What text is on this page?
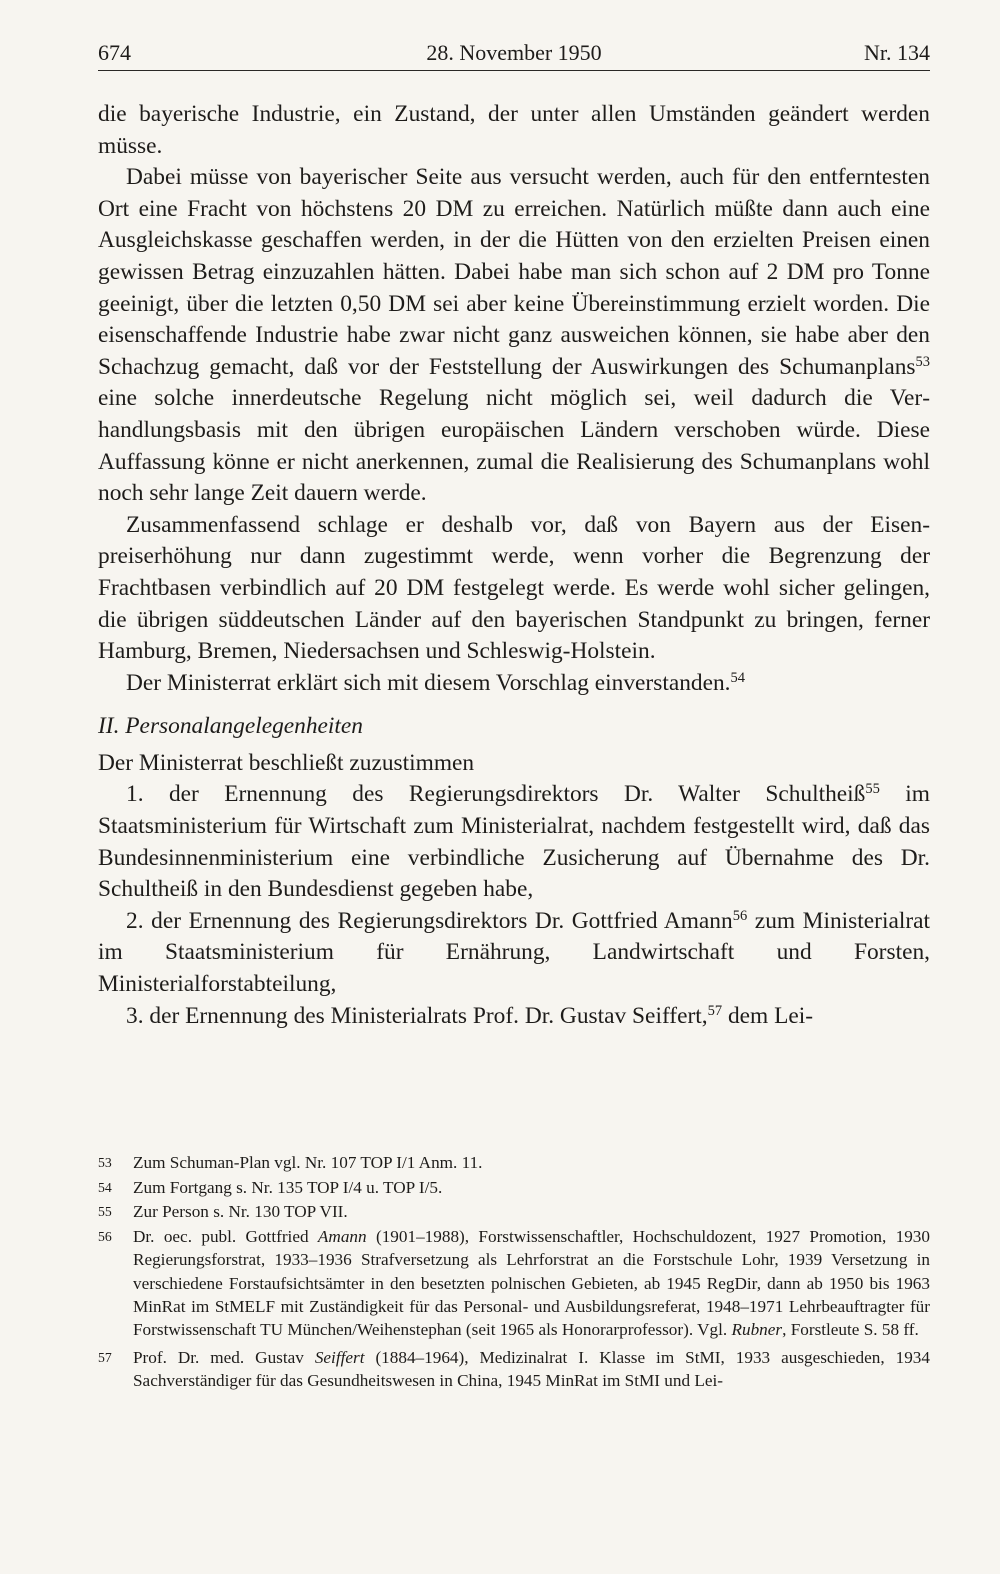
674	28. November 1950	Nr. 134

die bayerische Industrie, ein Zustand, der unter allen Umständen geändert werden müsse.

Dabei müsse von bayerischer Seite aus versucht werden, auch für den entferntesten Ort eine Fracht von höchstens 20 DM zu erreichen. Natürlich müßte dann auch eine Ausgleichskasse geschaffen werden, in der die Hütten von den erzielten Preisen einen gewissen Betrag einzuzahlen hätten. Dabei habe man sich schon auf 2 DM pro Tonne geeinigt, über die letzten 0,50 DM sei aber keine Übereinstimmung erzielt worden. Die eisenschaffende Industrie habe zwar nicht ganz ausweichen können, sie habe aber den Schachzug gemacht, daß vor der Feststellung der Auswirkungen des Schumanplans$^{53}$ eine solche innerdeutsche Regelung nicht möglich sei, weil dadurch die Verhandlungsbasis mit den übrigen europäischen Ländern verschoben würde. Diese Auffassung könne er nicht anerkennen, zumal die Realisierung des Schumanplans wohl noch sehr lange Zeit dauern werde.

Zusammenfassend schlage er deshalb vor, daß von Bayern aus der Eisenpreiserhöhung nur dann zugestimmt werde, wenn vorher die Begrenzung der Frachtbasen verbindlich auf 20 DM festgelegt werde. Es werde wohl sicher gelingen, die übrigen süddeutschen Länder auf den bayerischen Standpunkt zu bringen, ferner Hamburg, Bremen, Niedersachsen und Schleswig-Holstein.

Der Ministerrat erklärt sich mit diesem Vorschlag einverstanden.$^{54}$

II. Personalangelegenheiten

Der Ministerrat beschließt zuzustimmen

1. der Ernennung des Regierungsdirektors Dr. Walter Schultheiß$^{55}$ im Staatsministerium für Wirtschaft zum Ministerialrat, nachdem festgestellt wird, daß das Bundesinnenministerium eine verbindliche Zusicherung auf Übernahme des Dr. Schultheiß in den Bundesdienst gegeben habe,

2. der Ernennung des Regierungsdirektors Dr. Gottfried Amann$^{56}$ zum Ministerialrat im Staatsministerium für Ernährung, Landwirtschaft und Forsten, Ministerialforstabteilung,

3. der Ernennung des Ministerialrats Prof. Dr. Gustav Seiffert,$^{57}$ dem Lei-

53 Zum Schuman-Plan vgl. Nr. 107 TOP I/1 Anm. 11.
54 Zum Fortgang s. Nr. 135 TOP I/4 u. TOP I/5.
55 Zur Person s. Nr. 130 TOP VII.
56 Dr. oec. publ. Gottfried Amann (1901–1988), Forstwissenschaftler, Hochschuldozent, 1927 Promotion, 1930 Regierungsforstrat, 1933–1936 Strafversetzung als Lehrforstrat an die Forstschule Lohr, 1939 Versetzung in verschiedene Forstaufsichtsämter in den besetzten polnischen Gebieten, ab 1945 RegDir, dann ab 1950 bis 1963 MinRat im StMELF mit Zuständigkeit für das Personal- und Ausbildungsreferat, 1948–1971 Lehrbeauftragter für Forstwissenschaft TU München/Weihenstephan (seit 1965 als Honorarprofessor). Vgl. Rubner, Forstleute S. 58 ff.
57 Prof. Dr. med. Gustav Seiffert (1884–1964), Medizinalrat I. Klasse im StMI, 1933 ausgeschieden, 1934 Sachverständiger für das Gesundheitswesen in China, 1945 MinRat im StMI und Lei-
